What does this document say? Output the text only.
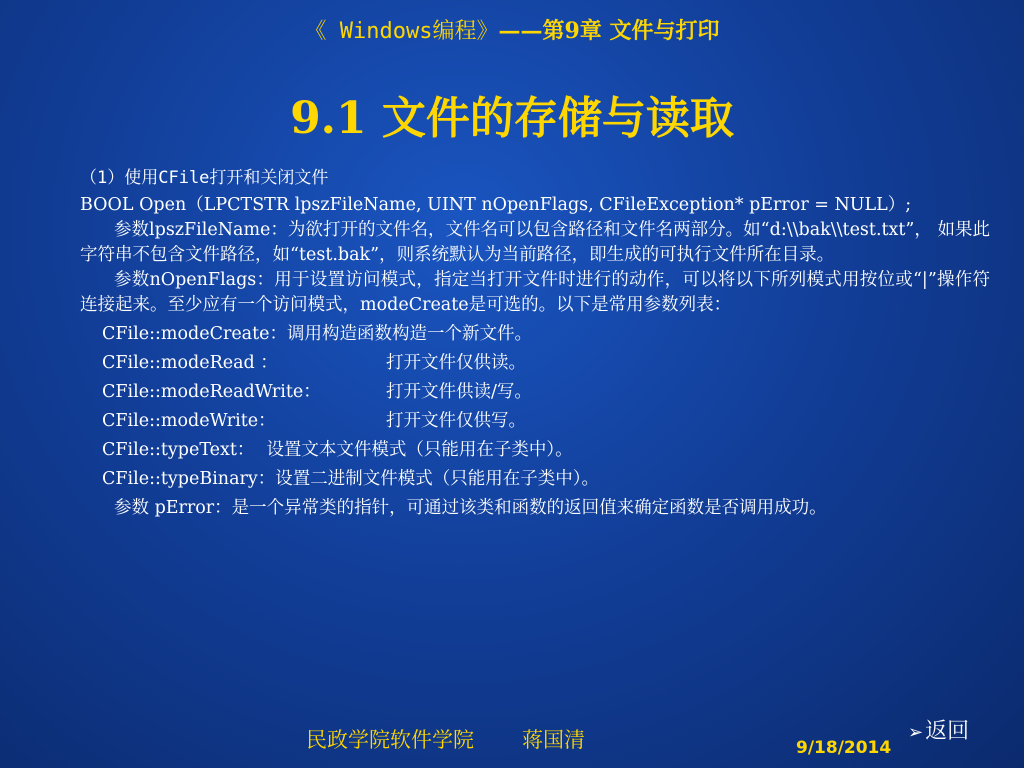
《 Windows编程》——第9章 文件与打印
9.1 文件的存储与读取
（1）使用CFile打开和关闭文件
BOOL Open（LPCTSTR lpszFileName, UINT nOpenFlags, CFileException* pError = NULL）;
参数lpszFileName：为欲打开的文件名，文件名可以包含路径和文件名两部分。如“d:\\bak\\test.txt”， 如果此字符串不包含文件路径，如“test.bak”，则系统默认为当前路径，即生成的可执行文件所在目录。
参数nOpenFlags：用于设置访问模式，指定当打开文件时进行的动作，可以将以下所列模式用按位或“|”操作符连接起来。至少应有一个访问模式，modeCreate是可选的。以下是常用参数列表：
CFile::modeCreate：调用构造函数构造一个新文件。
CFile::modeRead ：	打开文件仅供读。
CFile::modeReadWrite：	打开文件供读/写。
CFile::modeWrite：	打开文件仅供写。
CFile::typeText： 设置文本文件模式（只能用在子类中）。
CFile::typeBinary：设置二进制文件模式（只能用在子类中）。
参数 pError：是一个异常类的指针，可通过该类和函数的返回值来确定函数是否调用成功。
民政学院软件学院 蒋国清	9/18/2014
➢返回
